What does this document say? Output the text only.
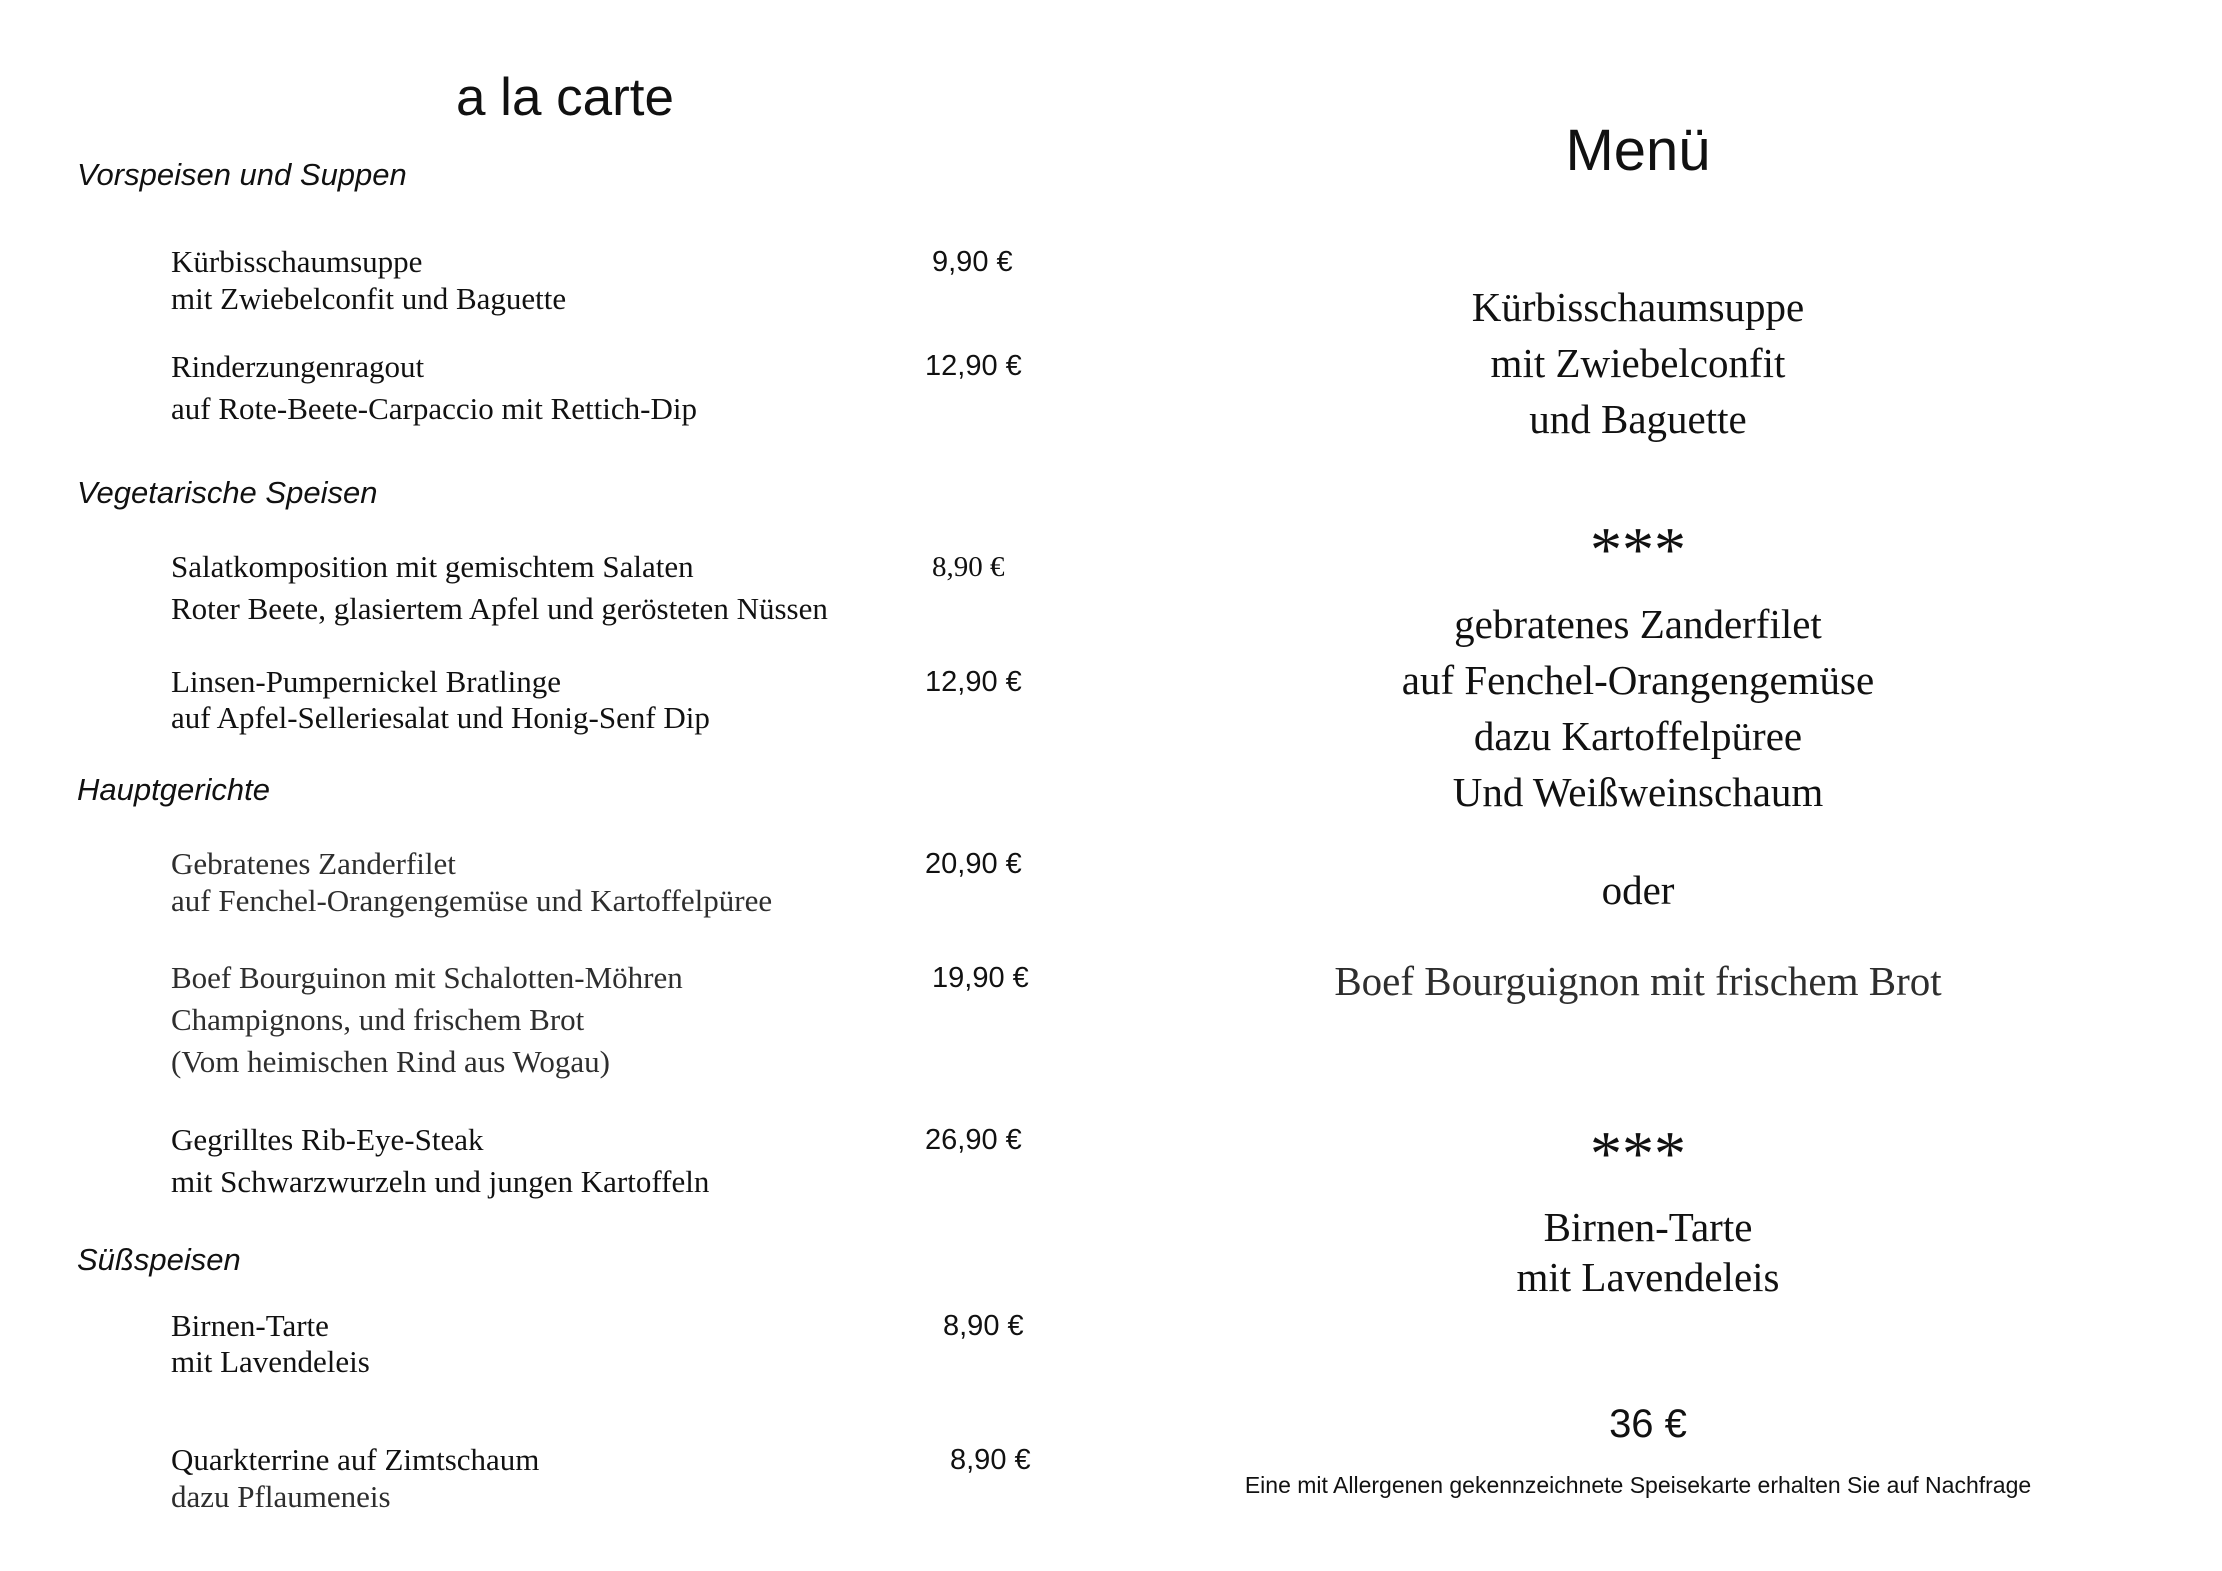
a la carte
Vorspeisen und Suppen
Kürbisschaumsuppe
mit Zwiebelconfit und Baguette
9,90 €
Rinderzungenragout
auf Rote-Beete-Carpaccio mit Rettich-Dip
12,90 €
Vegetarische Speisen
Salatkomposition mit gemischtem Salaten
Roter Beete, glasiertem Apfel und gerösteten Nüssen
8,90 €
Linsen-Pumpernickel Bratlinge
auf Apfel-Selleriesalat und Honig-Senf Dip
12,90 €
Hauptgerichte
Gebratenes Zanderfilet
auf Fenchel-Orangengemüse und Kartoffelpüree
20,90 €
Boef Bourguinon mit Schalotten-Möhren
Champignons, und frischem Brot
(Vom heimischen Rind aus Wogau)
19,90 €
Gegrilltes Rib-Eye-Steak
mit Schwarzwurzeln und jungen Kartoffeln
26,90 €
Süßspeisen
Birnen-Tarte
mit Lavendeleis
8,90 €
Quarkterrine auf Zimtschaum
dazu Pflaumeneis
8,90 €
Menü
Kürbisschaumsuppe
mit Zwiebelconfit
und Baguette
***
gebratenes Zanderfilet
auf Fenchel-Orangengemüse
dazu Kartoffelpüree
Und Weißweinschaum
oder
Boef Bourguignon mit frischem Brot
***
Birnen-Tarte
mit Lavendeleis
36 €
Eine mit Allergenen gekennzeichnete Speisekarte erhalten Sie auf Nachfrage
